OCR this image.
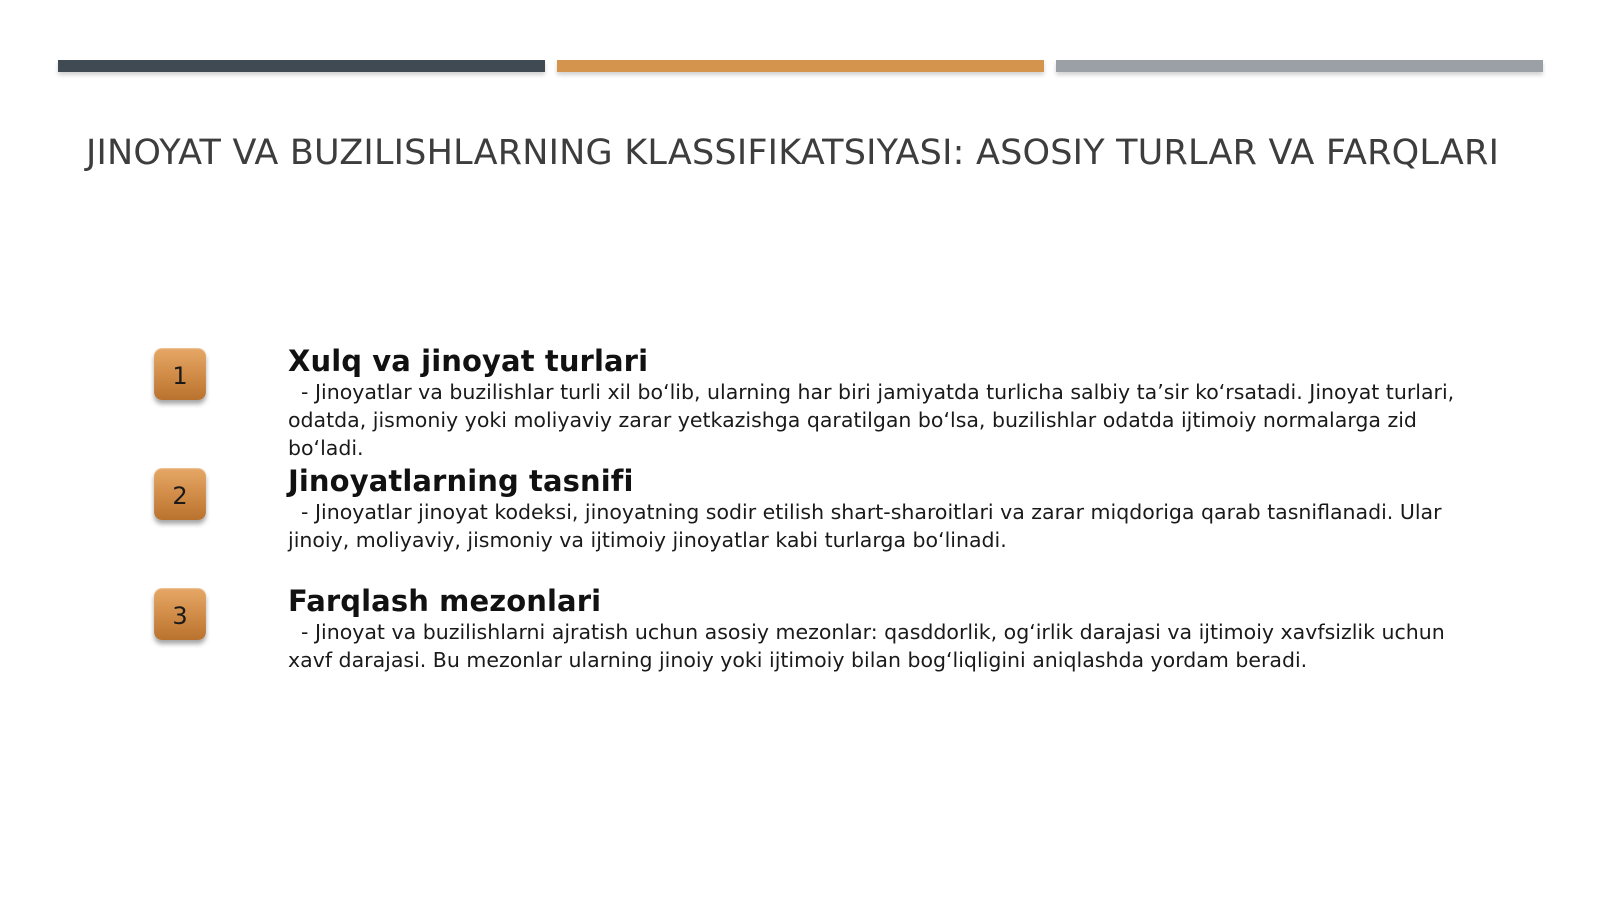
JINOYAT VA BUZILISHLARNING KLASSIFIKATSIYASI: ASOSIY TURLAR VA FARQLARI
1	Xulq va jinoyat turlari

- Jinoyatlar va buzilishlar turli xil bo‘lib, ularning har biri jamiyatda turlicha salbiy ta’sir ko‘rsatadi. Jinoyat turlari, odatda, jismoniy yoki moliyaviy zarar yetkazishga qaratilgan bo‘lsa, buzilishlar odatda ijtimoiy normalarga zid bo‘ladi.

2	Jinoyatlarning tasnifi

- Jinoyatlar jinoyat kodeksi, jinoyatning sodir etilish shart-sharoitlari va zarar miqdoriga qarab tasniflanadi. Ular jinoiy, moliyaviy, jismoniy va ijtimoiy jinoyatlar kabi turlarga bo‘linadi.

3	Farqlash mezonlari

- Jinoyat va buzilishlarni ajratish uchun asosiy mezonlar: qasddorlik, og‘irlik darajasi va ijtimoiy xavfsizlik uchun xavf darajasi. Bu mezonlar ularning jinoiy yoki ijtimoiy bilan bog‘liqligini aniqlashda yordam beradi.
